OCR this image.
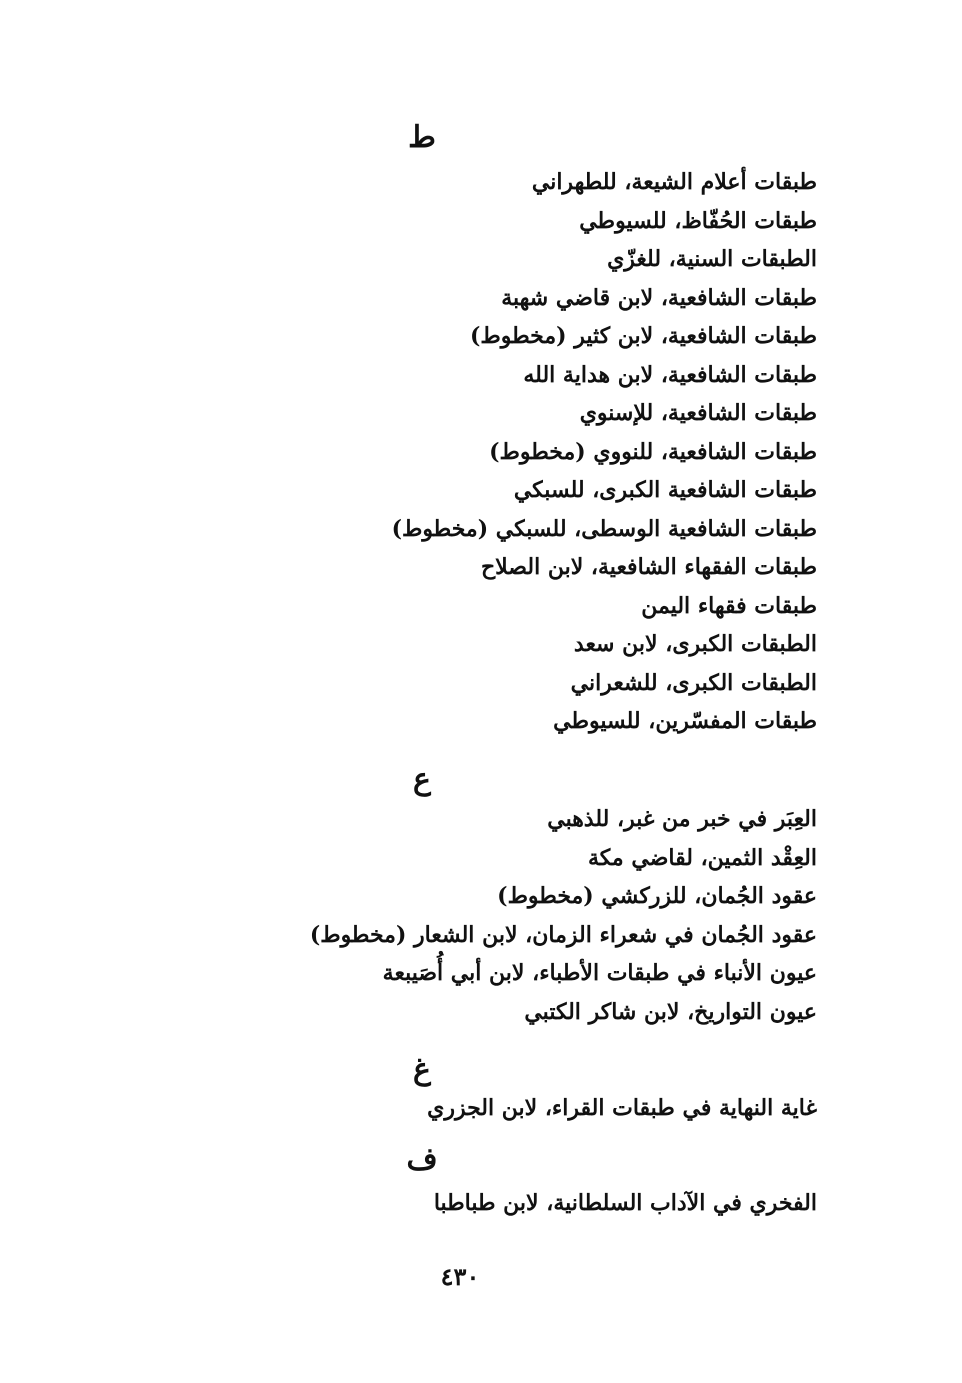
ط
طبقات أعلام الشيعة، للطهراني
طبقات الحُفّاظ، للسيوطي
الطبقات السنية، للغزّي
طبقات الشافعية، لابن قاضي شهبة
طبقات الشافعية، لابن كثير (مخطوط)
طبقات الشافعية، لابن هداية الله
طبقات الشافعية، للإسنوي
طبقات الشافعية، للنووي (مخطوط)
طبقات الشافعية الكبرى، للسبكي
طبقات الشافعية الوسطى، للسبكي (مخطوط)
طبقات الفقهاء الشافعية، لابن الصلاح
طبقات فقهاء اليمن
الطبقات الكبرى، لابن سعد
الطبقات الكبرى، للشعراني
طبقات المفسّرين، للسيوطي
ع
العِبَر في خبر من غبر، للذهبي
العِقْد الثمين، لقاضي مكة
عقود الجُمان، للزركشي (مخطوط)
عقود الجُمان في شعراء الزمان، لابن الشعار (مخطوط)
عيون الأنباء في طبقات الأطباء، لابن أبي أُصَيبعة
عيون التواريخ، لابن شاكر الكتبي
غ
غاية النهاية في طبقات القراء، لابن الجزري
ف
الفخري في الآداب السلطانية، لابن طباطبا
٤٣٠
